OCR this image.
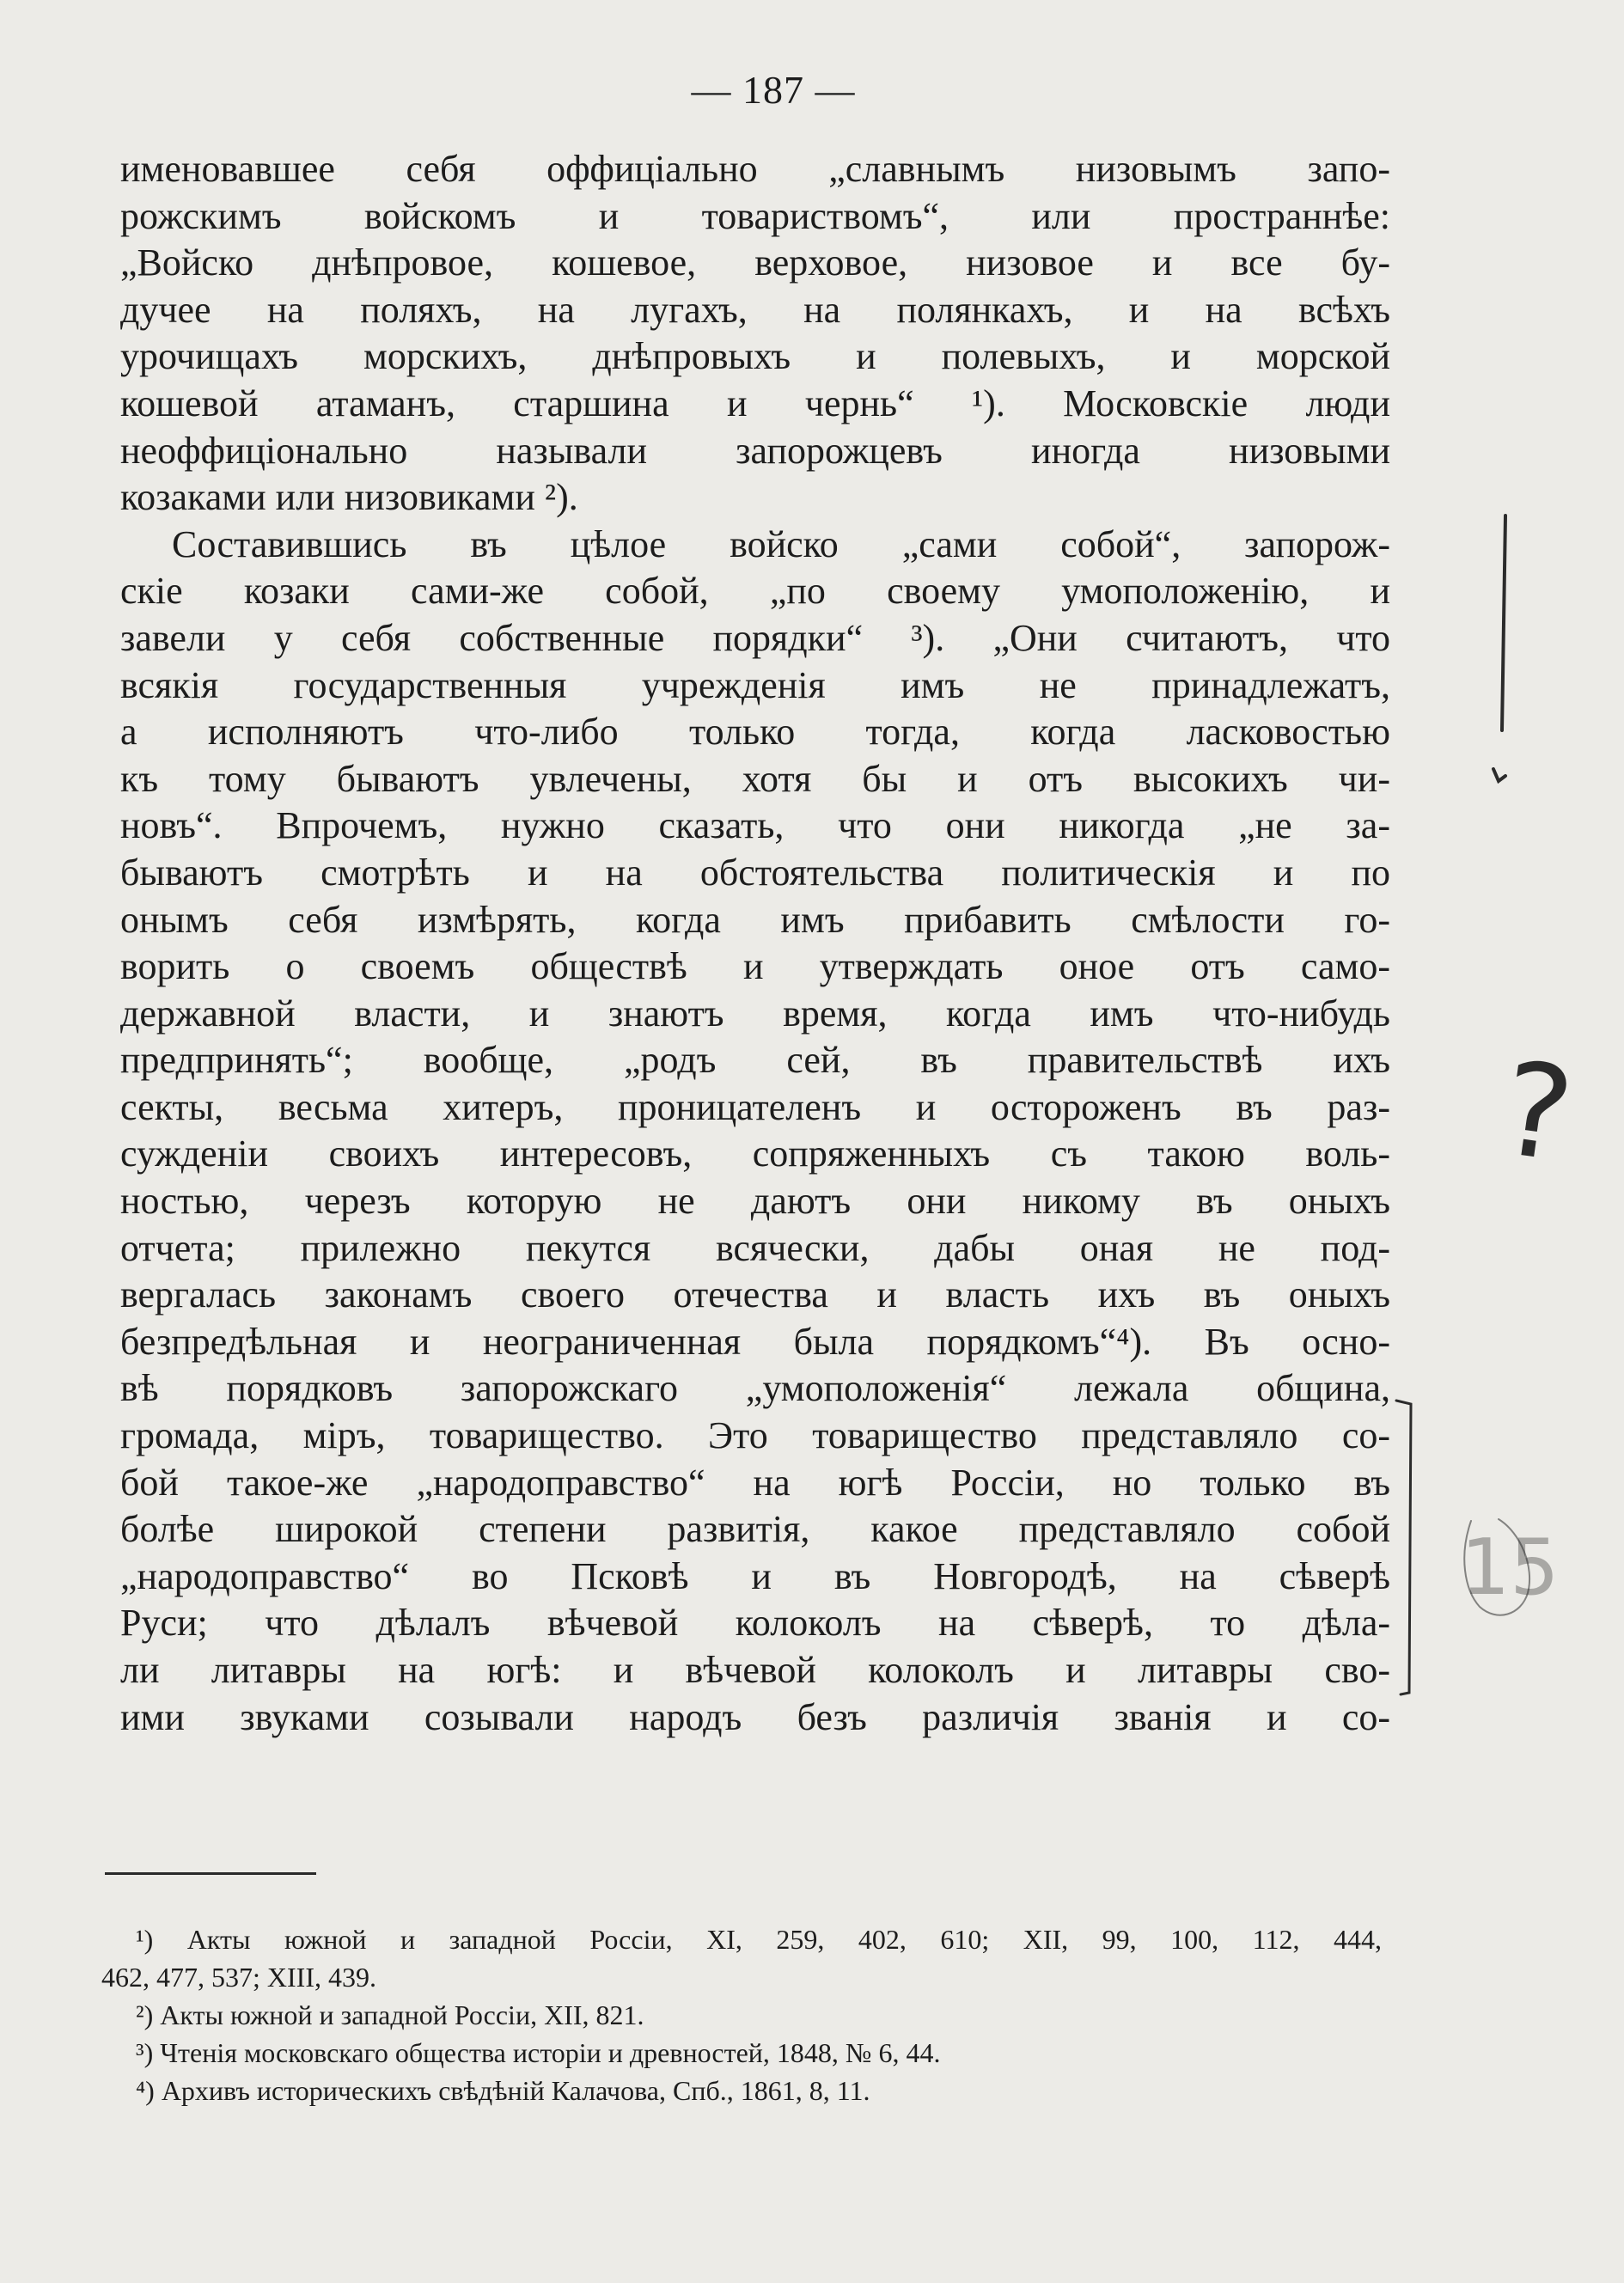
— 187 —
именовавшее себя оффиціально „славнымъ низовымъ запо-
рожскимъ войскомъ и товариствомъ“, или пространнѣе:
„Войско днѣпровое, кошевое, верховое, низовое и все бу-
дучее на поляхъ, на лугахъ, на полянкахъ, и на всѣхъ
урочищахъ морскихъ, днѣпровыхъ и полевыхъ, и морской
кошевой атаманъ, старшина и чернь“ ¹). Московскіе люди
неоффиціонально называли запорожцевъ иногда низовыми
козаками или низовиками ²).
Составившись въ цѣлое войско „сами собой“, запорож-
скіе козаки сами-же собой, „по своему умоположенію, и
завели у себя собственные порядки“ ³). „Они считаютъ, что
всякія государственныя учрежденія имъ не принадлежатъ,
а исполняютъ что-либо только тогда, когда ласковостью
къ тому бываютъ увлечены, хотя бы и отъ высокихъ чи-
новъ“. Впрочемъ, нужно сказать, что они никогда „не за-
бываютъ смотрѣть и на обстоятельства политическія и по
онымъ себя измѣрять, когда имъ прибавить смѣлости го-
ворить о своемъ обществѣ и утверждать оное отъ само-
державной власти, и знаютъ время, когда имъ что-нибудь
предпринять“; вообще, „родъ сей, въ правительствѣ ихъ
секты, весьма хитеръ, проницателенъ и остороженъ въ раз-
сужденіи своихъ интересовъ, сопряженныхъ съ такою воль-
ностью, черезъ которую не даютъ они никому въ оныхъ
отчета; прилежно пекутся всячески, дабы оная не под-
вергалась законамъ своего отечества и власть ихъ въ оныхъ
безпредѣльная и неограниченная была порядкомъ“⁴). Въ осно-
вѣ порядковъ запорожскаго „умоположенія“ лежала община,
громада, міръ, товарищество. Это товарищество представляло со-
бой такое-же „народоправство“ на югѣ Россіи, но только въ
болѣе широкой степени развитія, какое представляло собой
„народоправство“ во Псковѣ и въ Новгородѣ, на сѣверѣ
Руси; что дѣлалъ вѣчевой колоколъ на сѣверѣ, то дѣла-
ли литавры на югѣ: и вѣчевой колоколъ и литавры сво-
ими звуками созывали народъ безъ различія званія и со-
¹) Акты южной и западной Россіи, XI, 259, 402, 610; XII, 99, 100, 112, 444,
462, 477, 537; XIII, 439.
²) Акты южной и западной Россіи, XII, 821.
³) Чтенія московскаго общества исторіи и древностей, 1848, № 6, 44.
⁴) Архивъ историческихъ свѣдѣній Калачова, Спб., 1861, 8, 11.
?
15
